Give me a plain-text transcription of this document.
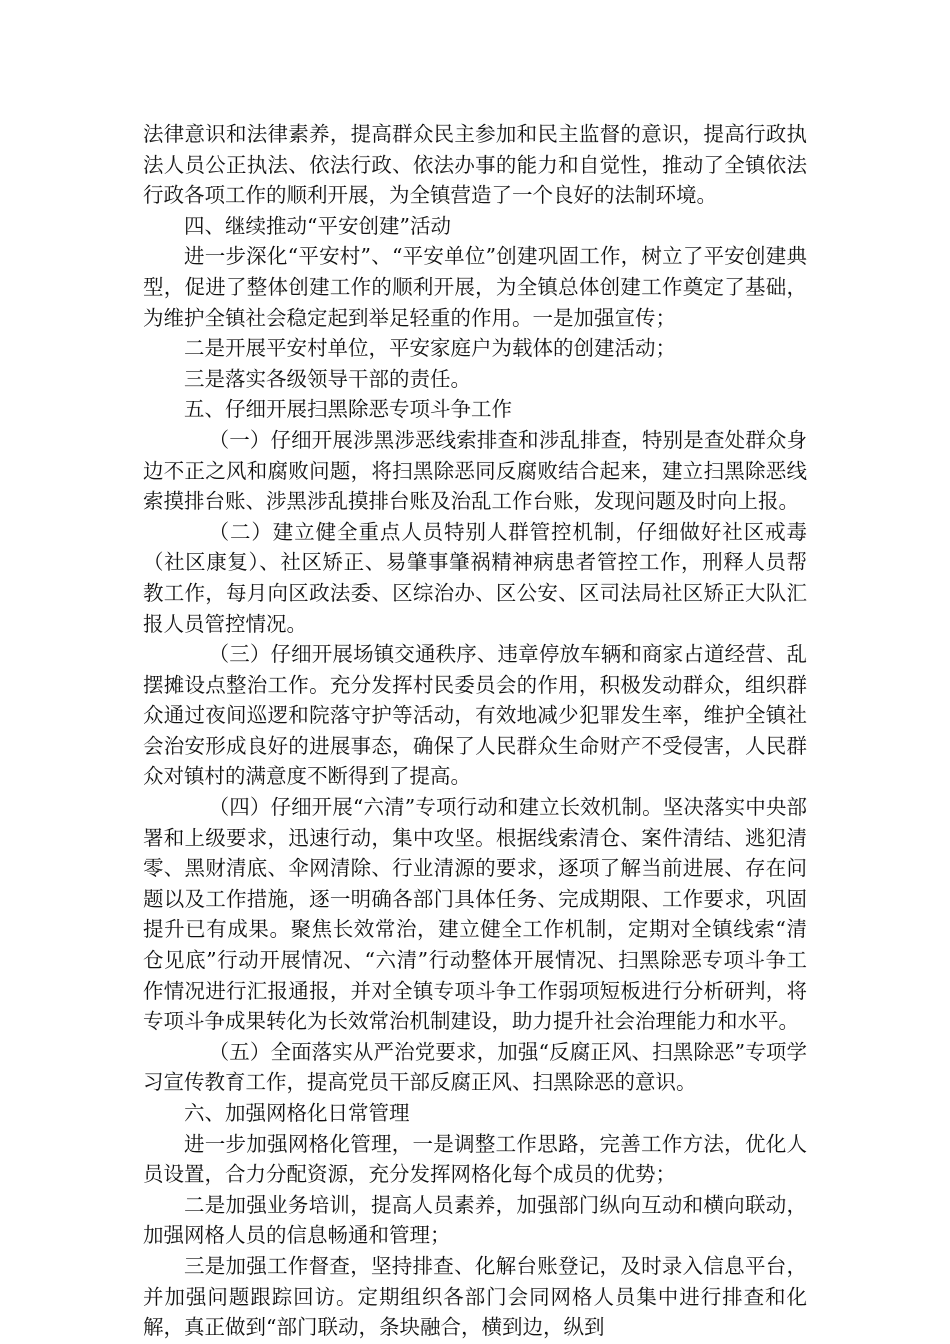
法律意识和法律素养，提高群众民主参加和民主监督的意识，提高行政执法人员公正执法、依法行政、依法办事的能力和自觉性，推动了全镇依法行政各项工作的顺利开展，为全镇营造了一个良好的法制环境。

四、继续推动“平安创建”活动

进一步深化“平安村”、“平安单位”创建巩固工作，树立了平安创建典型，促进了整体创建工作的顺利开展，为全镇总体创建工作奠定了基础，为维护全镇社会稳定起到举足轻重的作用。一是加强宣传；

二是开展平安村单位，平安家庭户为载体的创建活动；

三是落实各级领导干部的责任。

五、仔细开展扫黑除恶专项斗争工作

（一）仔细开展涉黑涉恶线索排查和涉乱排查，特别是查处群众身边不正之风和腐败问题，将扫黑除恶同反腐败结合起来，建立扫黑除恶线索摸排台账、涉黑涉乱摸排台账及治乱工作台账，发现问题及时向上报。

（二）建立健全重点人员特别人群管控机制，仔细做好社区戒毒（社区康复）、社区矫正、易肇事肇祸精神病患者管控工作，刑释人员帮教工作，每月向区政法委、区综治办、区公安、区司法局社区矫正大队汇报人员管控情况。

（三）仔细开展场镇交通秩序、违章停放车辆和商家占道经营、乱摆摊设点整治工作。充分发挥村民委员会的作用，积极发动群众，组织群众通过夜间巡逻和院落守护等活动，有效地减少犯罪发生率，维护全镇社会治安形成良好的进展事态，确保了人民群众生命财产不受侵害，人民群众对镇村的满意度不断得到了提高。

（四）仔细开展“六清”专项行动和建立长效机制。坚决落实中央部署和上级要求，迅速行动，集中攻坚。根据线索清仓、案件清结、逃犯清零、黑财清底、伞网清除、行业清源的要求，逐项了解当前进展、存在问题以及工作措施，逐一明确各部门具体任务、完成期限、工作要求，巩固提升已有成果。聚焦长效常治，建立健全工作机制，定期对全镇线索“清仓见底”行动开展情况、“六清”行动整体开展情况、扫黑除恶专项斗争工作情况进行汇报通报，并对全镇专项斗争工作弱项短板进行分析研判，将专项斗争成果转化为长效常治机制建设，助力提升社会治理能力和水平。

（五）全面落实从严治党要求，加强“反腐正风、扫黑除恶”专项学习宣传教育工作，提高党员干部反腐正风、扫黑除恶的意识。

六、加强网格化日常管理

进一步加强网格化管理，一是调整工作思路，完善工作方法，优化人员设置，合力分配资源，充分发挥网格化每个成员的优势；

二是加强业务培训，提高人员素养，加强部门纵向互动和横向联动，加强网格人员的信息畅通和管理；

三是加强工作督查，坚持排查、化解台账登记，及时录入信息平台，并加强问题跟踪回访。定期组织各部门会同网格人员集中进行排查和化解，真正做到“部门联动，条块融合，横到边，纵到
